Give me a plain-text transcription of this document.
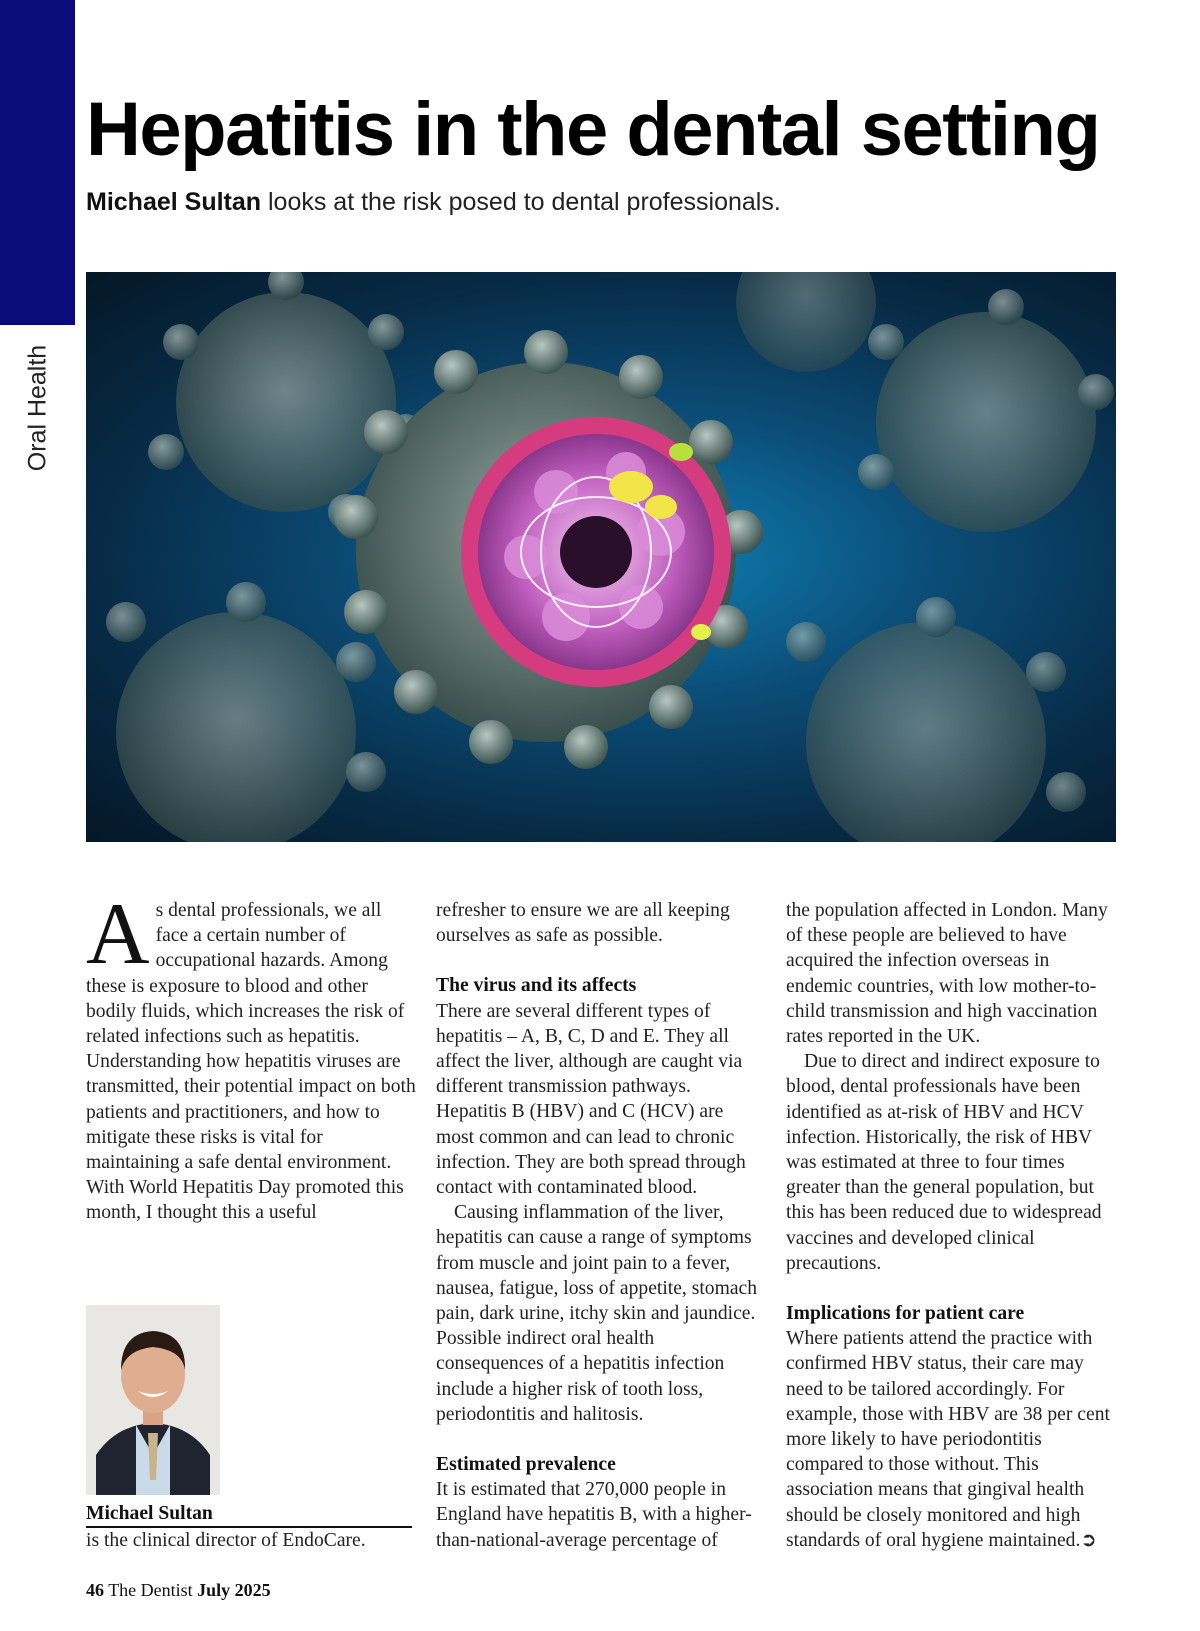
Oral Health
Hepatitis in the dental setting

Michael Sultan looks at the risk posed to dental professionals.

As dental professionals, we all face a certain number of occupational hazards. Among these is exposure to blood and other bodily fluids, which increases the risk of related infections such as hepatitis. Understanding how hepatitis viruses are transmitted, their potential impact on both patients and practitioners, and how to mitigate these risks is vital for maintaining a safe dental environment. With World Hepatitis Day promoted this month, I thought this a useful

refresher to ensure we are all keeping ourselves as safe as possible.

The virus and its affects

There are several different types of hepatitis – A, B, C, D and E. They all affect the liver, although are caught via different transmission pathways. Hepatitis B (HBV) and C (HCV) are most common and can lead to chronic infection. They are both spread through contact with contaminated blood.

Causing inflammation of the liver, hepatitis can cause a range of symptoms from muscle and joint pain to a fever, nausea, fatigue, loss of appetite, stomach pain, dark urine, itchy skin and jaundice. Possible indirect oral health consequences of a hepatitis infection include a higher risk of tooth loss, periodontitis and halitosis.

Estimated prevalence

It is estimated that 270,000 people in England have hepatitis B, with a higher-than-national-average percentage of

the population affected in London. Many of these people are believed to have acquired the infection overseas in endemic countries, with low mother-to-child transmission and high vaccination rates reported in the UK.

Due to direct and indirect exposure to blood, dental professionals have been identified as at-risk of HBV and HCV infection. Historically, the risk of HBV was estimated at three to four times greater than the general population, but this has been reduced due to widespread vaccines and developed clinical precautions.

Implications for patient care

Where patients attend the practice with confirmed HBV status, their care may need to be tailored accordingly. For example, those with HBV are 38 per cent more likely to have periodontitis compared to those without. This association means that gingival health should be closely monitored and high standards of oral hygiene maintained.➲

Michael Sultan
is the clinical director of EndoCare.
46 The Dentist July 2025
